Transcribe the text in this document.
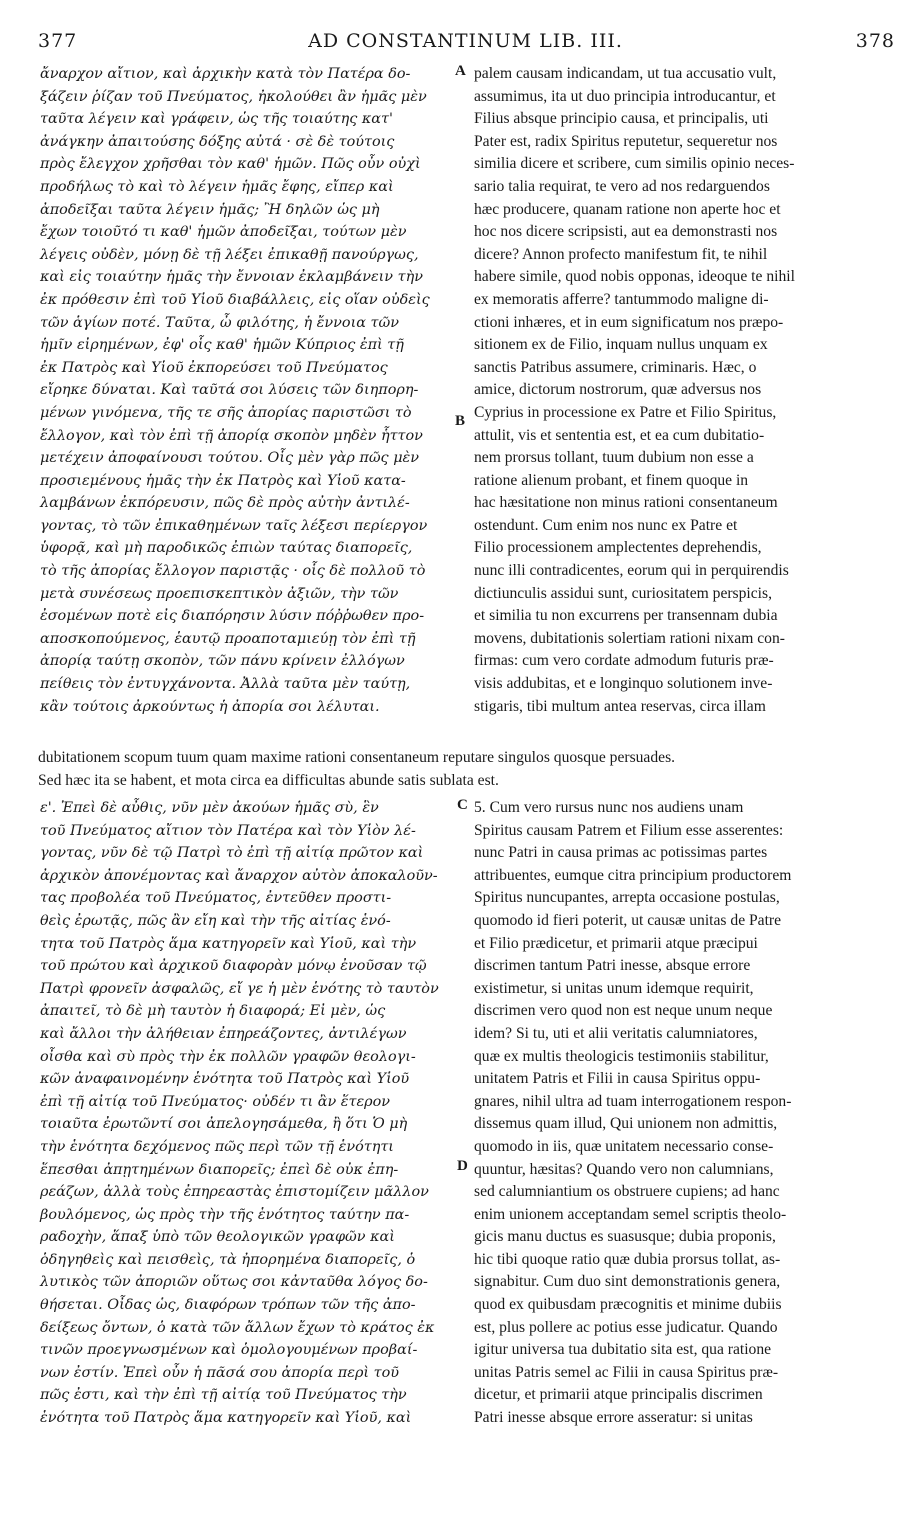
377	AD CONSTANTINUM LIB. III.	378
ἄναρχον αἴτιον, καὶ ἀρχικὴν κατὰ τὸν Πατέρα δο-
ξάζειν ῥίζαν τοῦ Πνεύματος, ἠκολούθει ἂν ἡμᾶς μὲν
ταῦτα λέγειν καὶ γράφειν, ὡς τῆς τοιαύτης κατ'
ἀνάγκην ἀπαιτούσης δόξης αὐτά · σὲ δὲ τούτοις
πρὸς ἔλεγχον χρῆσθαι τὸν καθ' ἡμῶν. Πῶς οὖν οὐχὶ
προδήλως τὸ καὶ τὸ λέγειν ἡμᾶς ἔφης, εἴπερ καὶ
ἀποδεῖξαι ταῦτα λέγειν ἡμᾶς; Ἢ δηλῶν ὡς μὴ
ἔχων τοιοῦτό τι καθ' ἡμῶν ἀποδεῖξαι, τούτων μὲν
λέγεις οὐδὲν, μόνῃ δὲ τῇ λέξει ἐπικαθῇ πανούργως,
καὶ εἰς τοιαύτην ἡμᾶς τὴν ἔννοιαν ἐκλαμβάνειν τὴν
ἐκ πρόθεσιν ἐπὶ τοῦ Υἱοῦ διαβάλλεις, εἰς οἵαν οὐδεὶς
τῶν ἁγίων ποτέ. Ταῦτα, ὦ φιλότης, ἡ ἔννοια τῶν
ἡμῖν εἰρημένων, ἐφ' οἷς καθ' ἡμῶν Κύπριος ἐπὶ τῇ
ἐκ Πατρὸς καὶ Υἱοῦ ἐκπορεύσει τοῦ Πνεύματος
εἴρηκε δύναται. Καὶ ταῦτά σοι λύσεις τῶν διηπορη-
μένων γινόμενα, τῆς τε σῆς ἀπορίας παριστῶσι τὸ
ἔλλογον, καὶ τὸν ἐπὶ τῇ ἀπορίᾳ σκοπὸν μηδὲν ἧττον
μετέχειν ἀποφαίνουσι τούτου. Οἷς μὲν γὰρ πῶς μὲν
προσιεμένους ἡμᾶς τὴν ἐκ Πατρὸς καὶ Υἱοῦ κατα-
λαμβάνων ἐκπόρευσιν, πῶς δὲ πρὸς αὐτὴν ἀντιλέ-
γοντας, τὸ τῶν ἐπικαθημένων ταῖς λέξεσι περίεργον
ὑφορᾷ, καὶ μὴ παροδικῶς ἐπιὼν ταύτας διαπορεῖς,
τὸ τῆς ἀπορίας ἔλλογον παριστᾷς · οἷς δὲ πολλοῦ τὸ
μετὰ συνέσεως προεπισκεπτικὸν ἀξιῶν, τὴν τῶν
ἐσομένων ποτὲ εἰς διαπόρησιν λύσιν πόῤῥωθεν προ-
αποσκοπούμενος, ἑαυτῷ προαποταμιεύῃ τὸν ἐπὶ τῇ
ἀπορίᾳ ταύτῃ σκοπὸν, τῶν πάνυ κρίνειν ἐλλόγων
πείθεις τὸν ἐντυγχάνοντα. Ἀλλὰ ταῦτα μὲν ταύτῃ,
κἂν τούτοις ἀρκούντως ἡ ἀπορία σοι λέλυται.
palem causam indicandam, ut tua accusatio vult,
assumimus, ita ut duo principia introducantur, et
Filius absque principio causa, et principalis, uti
Pater est, radix Spiritus reputetur, sequeretur nos
similia dicere et scribere, cum similis opinio neces-
sario talia requirat, te vero ad nos redarguendos
hæc producere, quanam ratione non aperte hoc et
hoc nos dicere scripsisti, aut ea demonstrasti nos
dicere? Annon profecto manifestum fit, te nihil
habere simile, quod nobis opponas, ideoque te nihil
ex memoratis afferre? tantummodo maligne di-
ctioni inhæres, et in eum significatum nos præpo-
sitionem ex de Filio, inquam nullus unquam ex
sanctis Patribus assumere, criminaris. Hæc, o
amice, dictorum nostrorum, quæ adversus nos
Cyprius in processione ex Patre et Filio Spiritus,
attulit, vis et sententia est, et ea cum dubitatio-
nem prorsus tollant, tuum dubium non esse a
ratione alienum probant, et finem quoque in
hac hæsitatione non minus rationi consentaneum
ostendunt. Cum enim nos nunc ex Patre et
Filio processionem amplectentes deprehendis,
nunc illi contradicentes, eorum qui in perquirendis
dictiunculis assidui sunt, curiositatem perspicis,
et similia tu non excurrens per transennam dubia
movens, dubitationis solertiam rationi nixam con-
firmas: cum vero cordate admodum futuris præ-
visis addubitas, et e longinquo solutionem inve-
stigaris, tibi multum antea reservas, circa illam
dubitationem scopum tuum quam maxime rationi consentaneum reputare singulos quosque persuades.
Sed hæc ita se habent, et mota circa ea difficultas abunde satis sublata est.
ε'. Ἐπεὶ δὲ αὖθις, νῦν μὲν ἀκούων ἡμᾶς σὺ, ἓν
τοῦ Πνεύματος αἴτιον τὸν Πατέρα καὶ τὸν Υἱὸν λέ-
γοντας, νῦν δὲ τῷ Πατρὶ τὸ ἐπὶ τῇ αἰτίᾳ πρῶτον καὶ
ἀρχικὸν ἀπονέμοντας καὶ ἄναρχον αὐτὸν ἀποκαλοῦν-
τας προβολέα τοῦ Πνεύματος, ἐντεῦθεν προστι-
θεὶς ἐρωτᾷς, πῶς ἂν εἴη καὶ τὴν τῆς αἰτίας ἑνό-
τητα τοῦ Πατρὸς ἅμα κατηγορεῖν καὶ Υἱοῦ, καὶ τὴν
τοῦ πρώτου καὶ ἀρχικοῦ διαφορὰν μόνῳ ἐνοῦσαν τῷ
Πατρὶ φρονεῖν ἀσφαλῶς, εἴ γε ἡ μὲν ἑνότης τὸ ταυτὸν
ἀπαιτεῖ, τὸ δὲ μὴ ταυτὸν ἡ διαφορά; Εἰ μὲν, ὡς
καὶ ἄλλοι τὴν ἀλήθειαν ἐπηρεάζοντες, ἀντιλέγων
οἶσθα καὶ σὺ πρὸς τὴν ἐκ πολλῶν γραφῶν θεολογι-
κῶν ἀναφαινομένην ἑνότητα τοῦ Πατρὸς καὶ Υἱοῦ
ἐπὶ τῇ αἰτίᾳ τοῦ Πνεύματος· οὐδέν τι ἂν ἕτερον
τοιαῦτα ἐρωτῶντί σοι ἀπελογησάμεθα, ἢ ὅτι Ὁ μὴ
τὴν ἑνότητα δεχόμενος πῶς περὶ τῶν τῇ ἑνότητι
ἕπεσθαι ἀπῃτημένων διαπορεῖς; ἐπεὶ δὲ οὐκ ἐπη-
ρεάζων, ἀλλὰ τοὺς ἐπηρεαστὰς ἐπιστομίζειν μᾶλλον
βουλόμενος, ὡς πρὸς τὴν τῆς ἑνότητος ταύτην πα-
ραδοχὴν, ἅπαξ ὑπὸ τῶν θεολογικῶν γραφῶν καὶ
ὁδηγηθεὶς καὶ πεισθεὶς, τὰ ἠπορημένα διαπορεῖς, ὁ
λυτικὸς τῶν ἀποριῶν οὕτως σοι κἀνταῦθα λόγος δο-
θήσεται. Οἶδας ὡς, διαφόρων τρόπων τῶν τῆς ἀπο-
δείξεως ὄντων, ὁ κατὰ τῶν ἄλλων ἔχων τὸ κράτος ἐκ
τινῶν προεγνωσμένων καὶ ὁμολογουμένων προβαί-
νων ἐστίν. Ἐπεὶ οὖν ἡ πᾶσά σου ἀπορία περὶ τοῦ
πῶς ἐστι, καὶ τὴν ἐπὶ τῇ αἰτίᾳ τοῦ Πνεύματος τὴν
ἑνότητα τοῦ Πατρὸς ἅμα κατηγορεῖν καὶ Υἱοῦ, καὶ
5. Cum vero rursus nunc nos audiens unam
Spiritus causam Patrem et Filium esse asserentes:
nunc Patri in causa primas ac potissimas partes
attribuentes, eumque citra principium productorem
Spiritus nuncupantes, arrepta occasione postulas,
quomodo id fieri poterit, ut causæ unitas de Patre
et Filio prædicetur, et primarii atque præcipui
discrimen tantum Patri inesse, absque errore
existimetur, si unitas unum idemque requirit,
discrimen vero quod non est neque unum neque
idem? Si tu, uti et alii veritatis calumniatores,
quæ ex multis theologicis testimoniis stabilitur,
unitatem Patris et Filii in causa Spiritus oppu-
gnares, nihil ultra ad tuam interrogationem respon-
dissemus quam illud, Qui unionem non admittis,
quomodo in iis, quæ unitatem necessario conse-
quuntur, hæsitas? Quando vero non calumnians,
sed calumniantium os obstruere cupiens; ad hanc
enim unionem acceptandam semel scriptis theolo-
gicis manu ductus es suasusque; dubia proponis,
hic tibi quoque ratio quæ dubia prorsus tollat, as-
signabitur. Cum duo sint demonstrationis genera,
quod ex quibusdam præcognitis et minime dubiis
est, plus pollere ac potius esse judicatur. Quando
igitur universa tua dubitatio sita est, qua ratione
unitas Patris semel ac Filii in causa Spiritus præ-
dicetur, et primarii atque principalis discrimen
Patri inesse absque errore asseratur: si unitas
A
B
C
D
